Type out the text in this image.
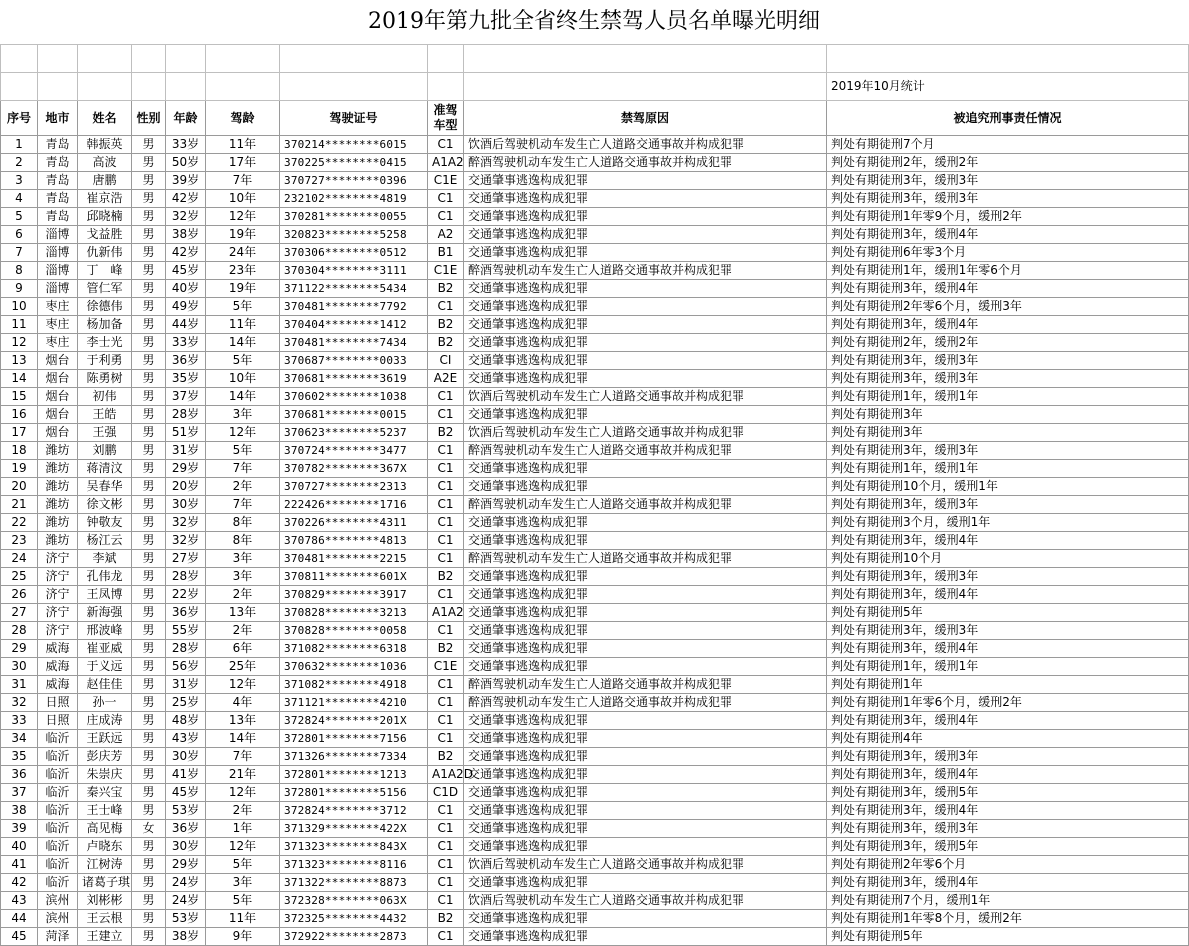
2019年第九批全省终生禁驾人员名单曝光明细

									2019年10月统计
序号	地市	姓名	性别	年龄	驾龄	驾驶证号	准驾车型	禁驾原因	被追究刑事责任情况
1	青岛	韩振英	男	33岁	11年	370214********6015	C1	饮酒后驾驶机动车发生亡人道路交通事故并构成犯罪	判处有期徒刑7个月
2	青岛	高波	男	50岁	17年	370225********0415	A1A2	醉酒驾驶机动车发生亡人道路交通事故并构成犯罪	判处有期徒刑2年，缓刑2年
3	青岛	唐鹏	男	39岁	7年	370727********0396	C1E	交通肇事逃逸构成犯罪	判处有期徒刑3年，缓刑3年
4	青岛	崔京浩	男	42岁	10年	232102********4819	C1	交通肇事逃逸构成犯罪	判处有期徒刑3年，缓刑3年
5	青岛	邱晓楠	男	32岁	12年	370281********0055	C1	交通肇事逃逸构成犯罪	判处有期徒刑1年零9个月，缓刑2年
6	淄博	戈益胜	男	38岁	19年	320823********5258	A2	交通肇事逃逸构成犯罪	判处有期徒刑3年，缓刑4年
7	淄博	仇新伟	男	42岁	24年	370306********0512	B1	交通肇事逃逸构成犯罪	判处有期徒刑6年零3个月
8	淄博	丁　峰	男	45岁	23年	370304********3111	C1E	醉酒驾驶机动车发生亡人道路交通事故并构成犯罪	判处有期徒刑1年，缓刑1年零6个月
9	淄博	管仁军	男	40岁	19年	371122********5434	B2	交通肇事逃逸构成犯罪	判处有期徒刑3年，缓刑4年
10	枣庄	徐德伟	男	49岁	5年	370481********7792	C1	交通肇事逃逸构成犯罪	判处有期徒刑2年零6个月，缓刑3年
11	枣庄	杨加备	男	44岁	11年	370404********1412	B2	交通肇事逃逸构成犯罪	判处有期徒刑3年，缓刑4年
12	枣庄	李士光	男	33岁	14年	370481********7434	B2	交通肇事逃逸构成犯罪	判处有期徒刑2年，缓刑2年
13	烟台	于利勇	男	36岁	5年	370687********0033	CI	交通肇事逃逸构成犯罪	判处有期徒刑3年，缓刑3年
14	烟台	陈勇树	男	35岁	10年	370681********3619	A2E	交通肇事逃逸构成犯罪	判处有期徒刑3年，缓刑3年
15	烟台	初伟	男	37岁	14年	370602********1038	C1	饮酒后驾驶机动车发生亡人道路交通事故并构成犯罪	判处有期徒刑1年，缓刑1年
16	烟台	王皓	男	28岁	3年	370681********0015	C1	交通肇事逃逸构成犯罪	判处有期徒刑3年
17	烟台	王强	男	51岁	12年	370623********5237	B2	饮酒后驾驶机动车发生亡人道路交通事故并构成犯罪	判处有期徒刑3年
18	潍坊	刘鹏	男	31岁	5年	370724********3477	C1	醉酒驾驶机动车发生亡人道路交通事故并构成犯罪	判处有期徒刑3年，缓刑3年
19	潍坊	蒋清汶	男	29岁	7年	370782********367X	C1	交通肇事逃逸构成犯罪	判处有期徒刑1年，缓刑1年
20	潍坊	吴春华	男	20岁	2年	370727********2313	C1	交通肇事逃逸构成犯罪	判处有期徒刑10个月，缓刑1年
21	潍坊	徐文彬	男	30岁	7年	222426********1716	C1	醉酒驾驶机动车发生亡人道路交通事故并构成犯罪	判处有期徒刑3年，缓刑3年
22	潍坊	钟敬友	男	32岁	8年	370226********4311	C1	交通肇事逃逸构成犯罪	判处有期徒刑3个月，缓刑1年
23	潍坊	杨江云	男	32岁	8年	370786********4813	C1	交通肇事逃逸构成犯罪	判处有期徒刑3年，缓刑4年
24	济宁	李斌	男	27岁	3年	370481********2215	C1	醉酒驾驶机动车发生亡人道路交通事故并构成犯罪	判处有期徒刑10个月
25	济宁	孔伟龙	男	28岁	3年	370811********601X	B2	交通肇事逃逸构成犯罪	判处有期徒刑3年，缓刑3年
26	济宁	王凤博	男	22岁	2年	370829********3917	C1	交通肇事逃逸构成犯罪	判处有期徒刑3年，缓刑4年
27	济宁	新海强	男	36岁	13年	370828********3213	A1A2	交通肇事逃逸构成犯罪	判处有期徒刑5年
28	济宁	邢波峰	男	55岁	2年	370828********0058	C1	交通肇事逃逸构成犯罪	判处有期徒刑3年，缓刑3年
29	威海	崔亚威	男	28岁	6年	371082********6318	B2	交通肇事逃逸构成犯罪	判处有期徒刑3年，缓刑4年
30	威海	于义远	男	56岁	25年	370632********1036	C1E	交通肇事逃逸构成犯罪	判处有期徒刑1年，缓刑1年
31	威海	赵佳佳	男	31岁	12年	371082********4918	C1	醉酒驾驶机动车发生亡人道路交通事故并构成犯罪	判处有期徒刑1年
32	日照	孙一	男	25岁	4年	371121********4210	C1	醉酒驾驶机动车发生亡人道路交通事故并构成犯罪	判处有期徒刑1年零6个月，缓刑2年
33	日照	庄成涛	男	48岁	13年	372824********201X	C1	交通肇事逃逸构成犯罪	判处有期徒刑3年，缓刑4年
34	临沂	王跃远	男	43岁	14年	372801********7156	C1	交通肇事逃逸构成犯罪	判处有期徒刑4年
35	临沂	彭庆芳	男	30岁	7年	371326********7334	B2	交通肇事逃逸构成犯罪	判处有期徒刑3年，缓刑3年
36	临沂	朱崇庆	男	41岁	21年	372801********1213	A1A2D	交通肇事逃逸构成犯罪	判处有期徒刑3年，缓刑4年
37	临沂	秦兴宝	男	45岁	12年	372801********5156	C1D	交通肇事逃逸构成犯罪	判处有期徒刑3年，缓刑5年
38	临沂	王士峰	男	53岁	2年	372824********3712	C1	交通肇事逃逸构成犯罪	判处有期徒刑3年，缓刑4年
39	临沂	高见梅	女	36岁	1年	371329********422X	C1	交通肇事逃逸构成犯罪	判处有期徒刑3年，缓刑3年
40	临沂	卢晓东	男	30岁	12年	371323********843X	C1	交通肇事逃逸构成犯罪	判处有期徒刑3年，缓刑5年
41	临沂	江树涛	男	29岁	5年	371323********8116	C1	饮酒后驾驶机动车发生亡人道路交通事故并构成犯罪	判处有期徒刑2年零6个月
42	临沂	诸葛子琪	男	24岁	3年	371322********8873	C1	交通肇事逃逸构成犯罪	判处有期徒刑3年，缓刑4年
43	滨州	刘彬彬	男	24岁	5年	372328********063X	C1	饮酒后驾驶机动车发生亡人道路交通事故并构成犯罪	判处有期徒刑7个月，缓刑1年
44	滨州	王云根	男	53岁	11年	372325********4432	B2	交通肇事逃逸构成犯罪	判处有期徒刑1年零8个月，缓刑2年
45	菏泽	王建立	男	38岁	9年	372922********2873	C1	交通肇事逃逸构成犯罪	判处有期徒刑5年
